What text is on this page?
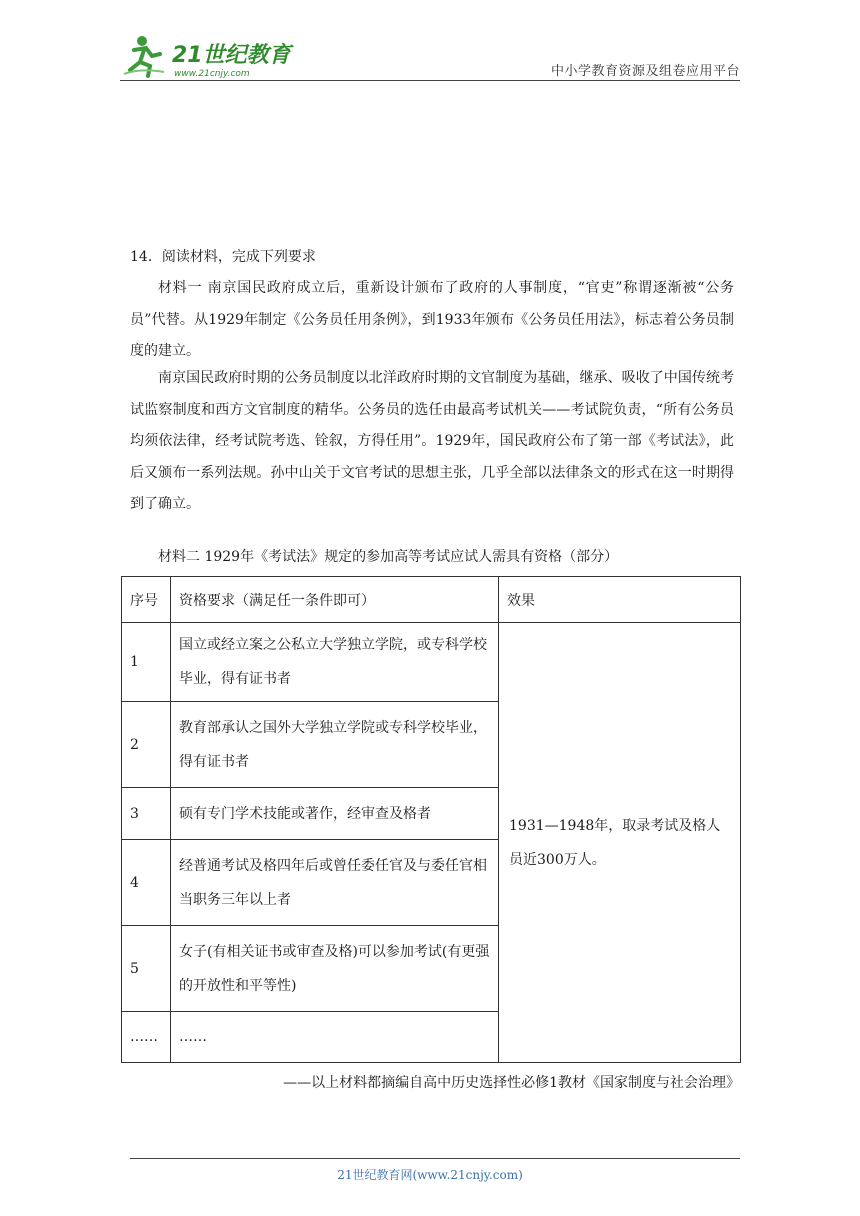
21世纪教育
www.21cnjy.com	中小学教育资源及组卷应用平台
14．阅读材料，完成下列要求
材料一 南京国民政府成立后，重新设计颁布了政府的人事制度，“官吏”称谓逐渐被“公务员”代替。从1929年制定《公务员任用条例》，到1933年颁布《公务员任用法》，标志着公务员制度的建立。
南京国民政府时期的公务员制度以北洋政府时期的文官制度为基础，继承、吸收了中国传统考试监察制度和西方文官制度的精华。公务员的选任由最高考试机关——考试院负责，“所有公务员均须依法律，经考试院考选、铨叙，方得任用”。1929年，国民政府公布了第一部《考试法》，此后又颁布一系列法规。孙中山关于文官考试的思想主张，几乎全部以法律条文的形式在这一时期得到了确立。
材料二 1929年《考试法》规定的参加高等考试应试人需具有资格（部分）
序号	资格要求（满足任一条件即可）	效果
1	国立或经立案之公私立大学独立学院，或专科学校毕业，得有证书者	1931—1948年，取录考试及格人员近300万人。
2	教育部承认之国外大学独立学院或专科学校毕业，得有证书者	
3	硕有专门学术技能或著作，经审查及格者	
4	经普通考试及格四年后或曾任委任官及与委任官相当职务三年以上者	
5	女子(有相关证书或审查及格)可以参加考试(有更强的开放性和平等性)	
……	……	
——以上材料都摘编自高中历史选择性必修1教材《国家制度与社会治理》
21世纪教育网(www.21cnjy.com)
